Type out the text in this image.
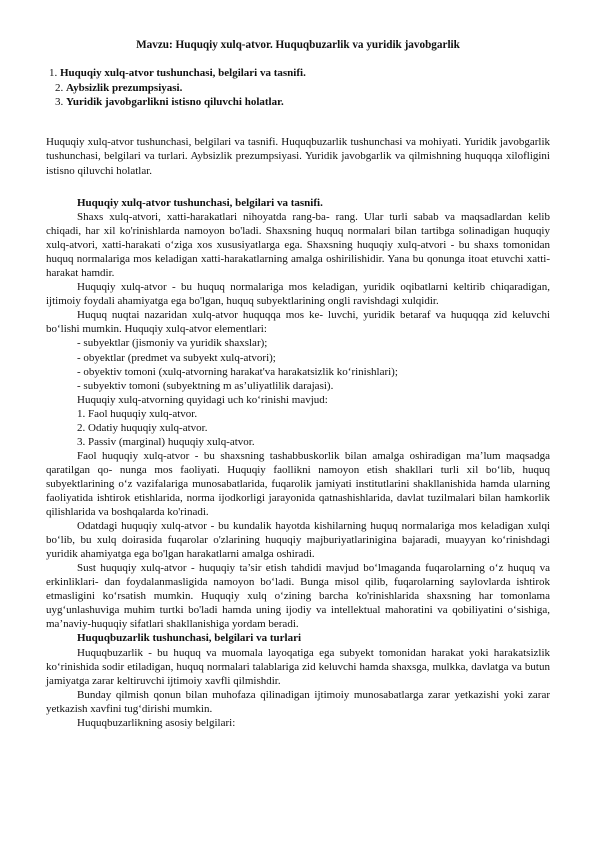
Mavzu: Huquqiy xulq-atvor. Huquqbuzarlik va yuridik javobgarlik
1. Huquqiy xulq-atvor tushunchasi, belgilari va tasnifi.
2. Aybsizlik prezumpsiyasi.
3. Yuridik javobgarlikni istisno qiluvchi holatlar.
Huquqiy xulq-atvor tushunchasi, belgilari va tasnifi. Huquqbuzarlik tushunchasi va mohiyati. Yuridik javobgarlik tushunchasi, belgilari va turlari. Aybsizlik prezumpsiyasi. Yuridik javobgarlik va qilmishning huquqqa xilofligini istisno qiluvchi holatlar.

Huquqiy xulq-atvor tushunchasi, belgilari va tasnifi.

Shaxs xulq-atvori, xatti-harakatlari nihoyatda rang-ba- rang. Ular turli sabab va maqsadlardan kelib chiqadi, har xil ko'rinishlarda namoyon bo'ladi. Shaxsning huquq normalari bilan tartibga solinadigan huquqiy xulq-atvori, xatti-harakati o‘ziga xos xususiyatlarga ega. Shaxsning huquqiy xulq-atvori - bu shaxs tomonidan huquq normalariga mos keladigan xatti-harakatlarning amalga oshirilishidir. Yana bu qonunga itoat etuvchi xatti-harakat hamdir.

Huquqiy xulq-atvor - bu huquq normalariga mos keladigan, yuridik oqibatlarni keltirib chiqaradigan, ijtimoiy foydali ahamiyatga ega bo'lgan, huquq subyektlarining ongli ravishdagi xulqidir.

Huquq nuqtai nazaridan xulq-atvor huquqqa mos ke- luvchi, yuridik betaraf va huquqqa zid keluvchi bo‘lishi mumkin. Huquqiy xulq-atvor elementlari:

- subyektlar (jismoniy va yuridik shaxslar);

- obyektlar (predmet va subyekt xulq-atvori);

- obyektiv tomoni (xulq-atvorning harakat'va harakatsizlik ko‘rinishlari);

- subyektiv tomoni (subyektning m as’uliyatlilik darajasi).

Huquqiy xulq-atvorning quyidagi uch ko‘rinishi mavjud:

1. Faol huquqiy xulq-atvor.

2. Odatiy huquqiy xulq-atvor.

3. Passiv (marginal) huquqiy xulq-atvor.

Faol huquqiy xulq-atvor - bu shaxsning tashabbuskorlik bilan amalga oshiradigan ma’lum maqsadga qaratilgan qo- nunga mos faoliyati. Huquqiy faollikni namoyon etish shakllari turli xil bo‘lib, huquq subyektlarining o‘z vazifalariga munosabatlarida, fuqarolik jamiyati institutlarini shakllanishida hamda ularning faoliyatida ishtirok etishlarida, norma ijodkorligi jarayonida qatnashishlarida, davlat tuzilmalari bilan hamkorlik qilishlarida va boshqalarda ko'rinadi.

Odatdagi huquqiy xulq-atvor - bu kundalik hayotda kishilarning huquq normalariga mos keladigan xulqi bo‘lib, bu xulq doirasida fuqarolar o'zlarining huquqiy majburiyatlarinigina bajaradi, muayyan ko‘rinishdagi yuridik ahamiyatga ega bo'lgan harakatlarni amalga oshiradi.

Sust huquqiy xulq-atvor - huquqiy ta’sir etish tahdidi mavjud bo‘lmaganda fuqarolarning o‘z huquq va erkinliklari- dan foydalanmasligida namoyon bo‘ladi. Bunga misol qilib, fuqarolarning saylovlarda ishtirok etmasligini ko‘rsatish mumkin. Huquqiy xulq o‘zining barcha ko'rinishlarida shaxsning har tomonlama uyg‘unlashuviga muhim turtki bo'ladi hamda uning ijodiy va intellektual mahoratini va qobiliyatini o‘sishiga, ma’naviy-huquqiy sifatlari shakllanishiga yordam beradi.

Huquqbuzarlik tushunchasi, belgilari va turlari

Huquqbuzarlik - bu huquq va muomala layoqatiga ega subyekt tomonidan harakat yoki harakatsizlik ko‘rinishida sodir etiladigan, huquq normalari talablariga zid keluvchi hamda shaxsga, mulkka, davlatga va butun jamiyatga zarar keltiruvchi ijtimoiy xavfli qilmishdir.

Bunday qilmish qonun bilan muhofaza qilinadigan ijtimoiy munosabatlarga zarar yetkazishi yoki zarar yetkazish xavfini tug‘dirishi mumkin.

Huquqbuzarlikning asosiy belgilari:
